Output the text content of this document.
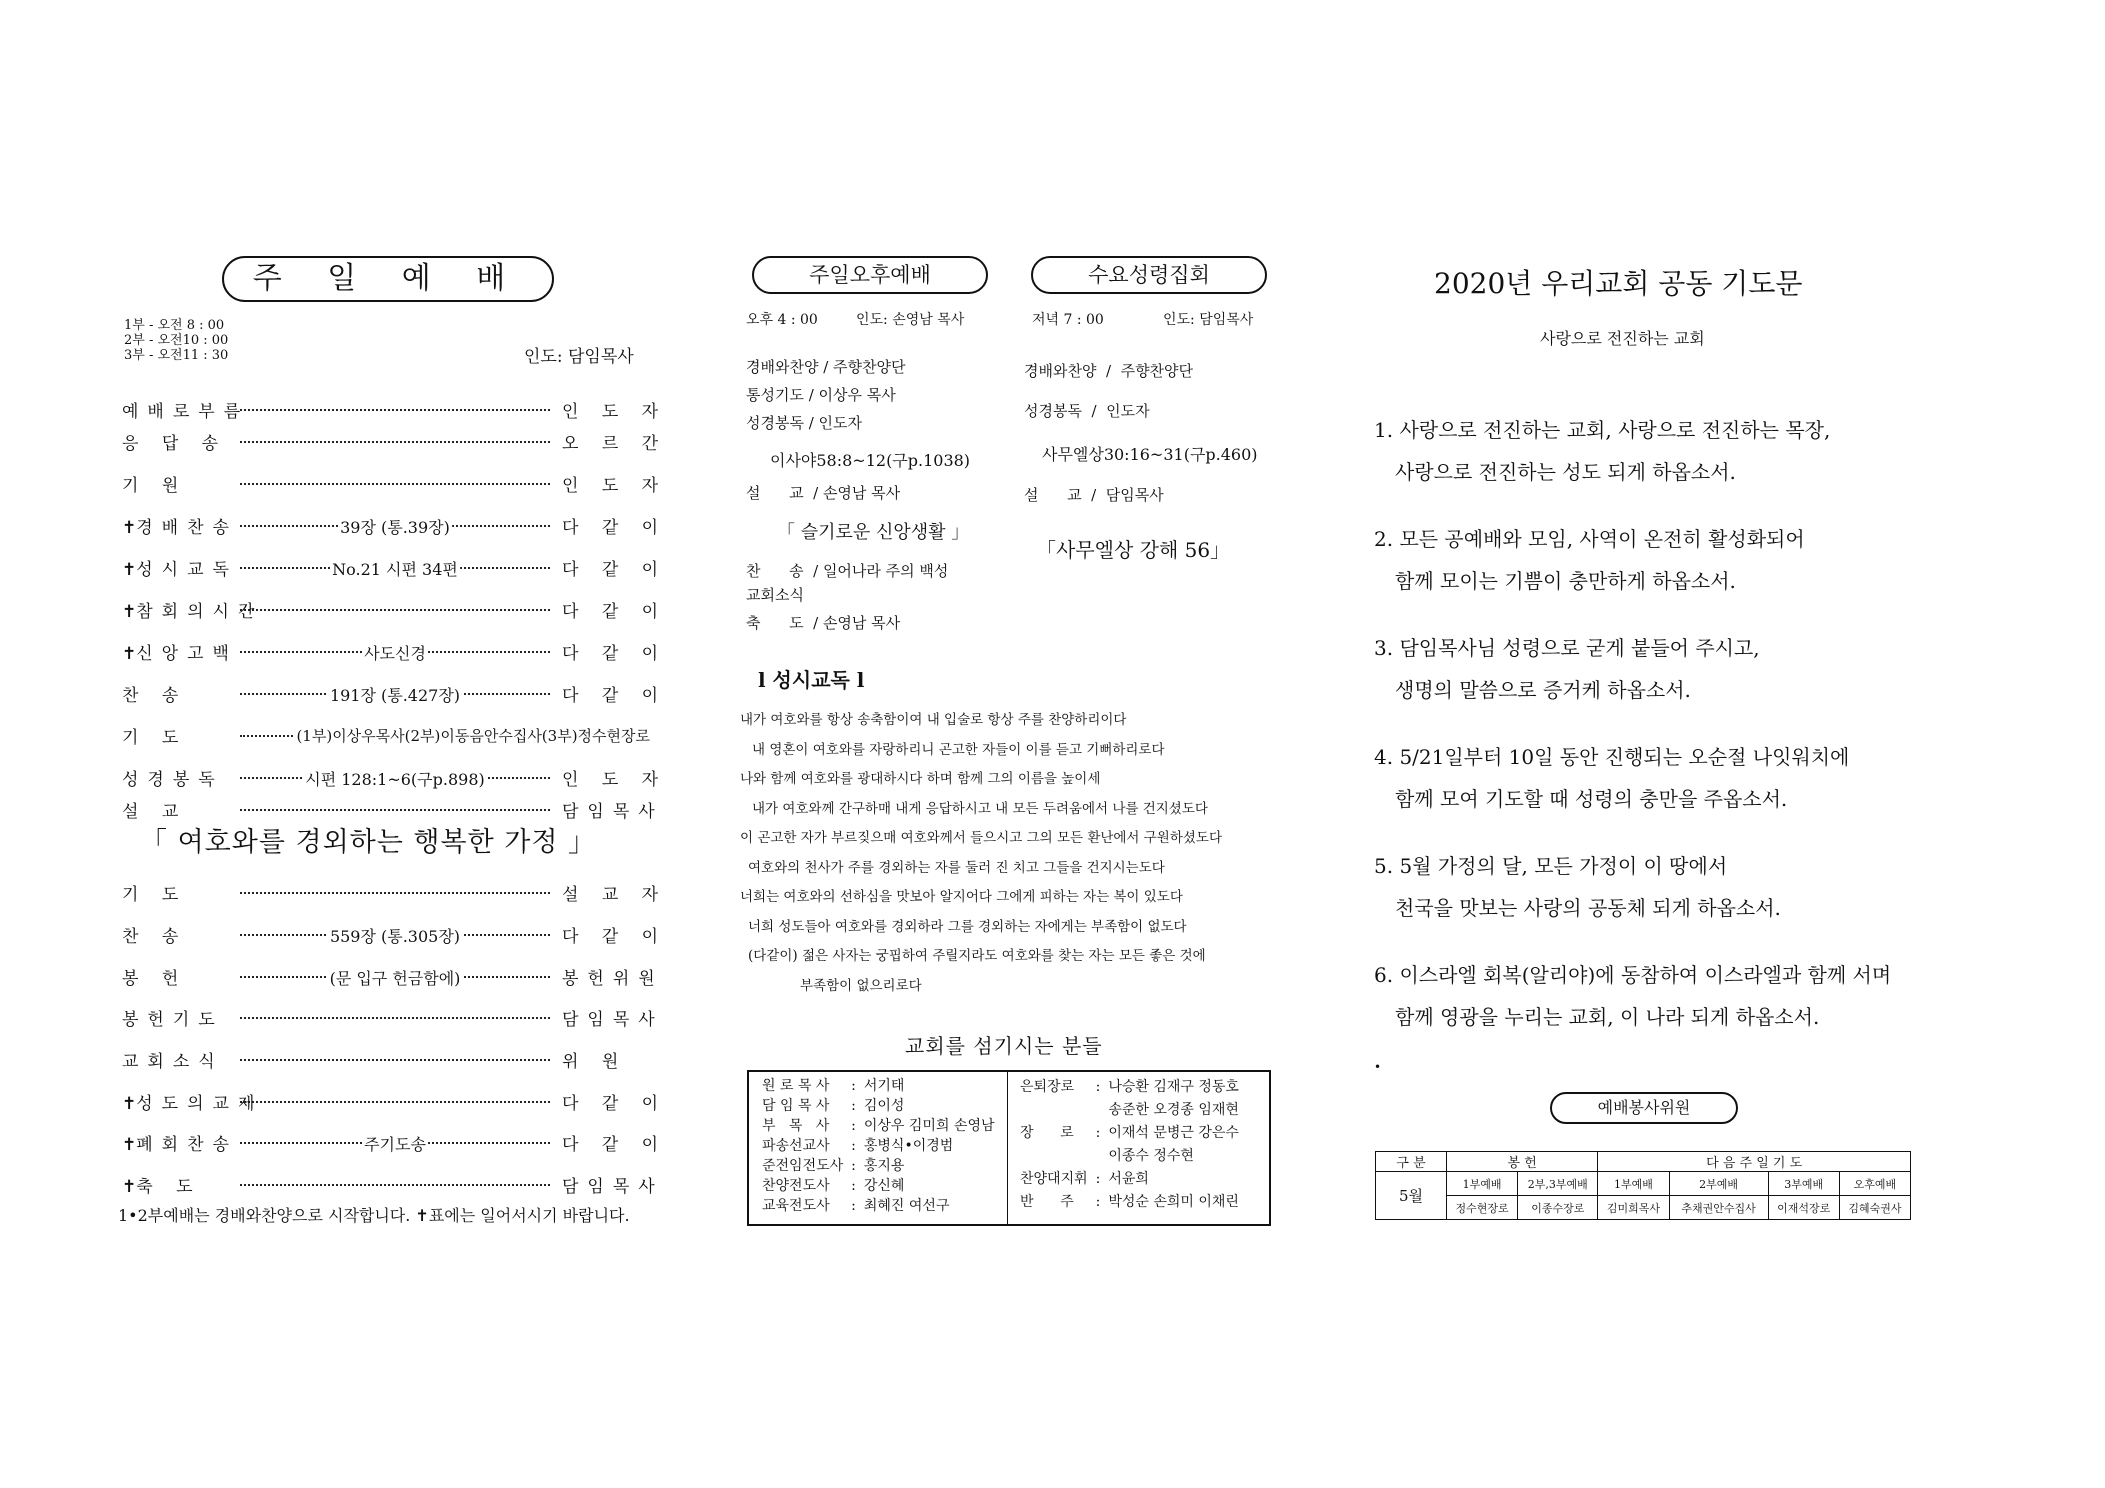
주 일 예 배
1부 - 오전 8 : 00
2부 - 오전10 : 00
3부 - 오전11 : 30	인도: 담임목사
예배로부름	인 도 자
응 답 송	오 르 간
기 원	인 도 자
✝경배찬송	39장 (통.39장)	다 같 이
✝성시교독	No.21 시편 34편	다 같 이
✝참회의시간	다 같 이
✝신앙고백	사도신경	다 같 이
찬 송	191장 (통.427장)	다 같 이
기 도	(1부)이상우목사(2부)이동음안수집사(3부)정수현장로
성경봉독	시편 128:1~6(구p.898)	인 도 자
설 교	담임목사
「 여호와를 경외하는 행복한 가정 」
기 도	설 교 자
찬 송	559장 (통.305장)	다 같 이
봉 헌	(문 입구 헌금함에)	봉헌위원
봉헌기도	담임목사
교회소식	위 원
✝성도의교제	다 같 이
✝폐회찬송	주기도송	다 같 이
✝축 도	담임목사
1•2부예배는 경배와찬양으로 시작합니다. ✝표에는 일어서시기 바랍니다.
주일오후예배	수요성령집회
오후 4 : 00	인도: 손영남 목사	저녁 7 : 00	인도: 담임목사
경배와찬양 / 주향찬양단
통성기도 / 이상우 목사
성경봉독 / 인도자
이사야58:8~12(구p.1038)
설      교  / 손영남 목사
「 슬기로운 신앙생활 」
찬      송  / 일어나라 주의 백성
교회소식
축      도  / 손영남 목사
경배와찬양  /  주향찬양단
성경봉독  /  인도자
사무엘상30:16~31(구p.460)
설      교  /  담임목사
「사무엘상 강해 56」
l 성시교독 l
내가 여호와를 항상 송축함이여 내 입술로 항상 주를 찬양하리이다
내 영혼이 여호와를 자랑하리니 곤고한 자들이 이를 듣고 기뻐하리로다
나와 함께 여호와를 광대하시다 하며 함께 그의 이름을 높이세
내가 여호와께 간구하매 내게 응답하시고 내 모든 두려움에서 나를 건지셨도다
이 곤고한 자가 부르짖으매 여호와께서 들으시고 그의 모든 환난에서 구원하셨도다
여호와의 천사가 주를 경외하는 자를 둘러 진 치고 그들을 건지시는도다
너희는 여호와의 선하심을 맛보아 알지어다 그에게 피하는 자는 복이 있도다
너희 성도들아 여호와를 경외하라 그를 경외하는 자에게는 부족함이 없도다
(다같이) 젊은 사자는 궁핍하여 주릴지라도 여호와를 찾는 자는 모든 좋은 것에
부족함이 없으리로다
교회를 섬기시는 분들
원 로 목 사	:	서기태
담 임 목 사	:	김이성
부   목   사	:	이상우 김미희 손영남
파송선교사	:	홍병식•이경범
준전임전도사	:	홍지용
찬양전도사	:	강신혜
교육전도사	:	최혜진 여선구
은퇴장로	:	나승환 김재구 정동호
		송준한 오경종 임재현
장      로	:	이재석 문병근 강은수
		이종수 정수현
찬양대지휘	:	서윤희
반      주	:	박성순 손희미 이채린
2020년 우리교회 공동 기도문
사랑으로 전진하는 교회
1. 사랑으로 전진하는 교회, 사랑으로 전진하는 목장,
사랑으로 전진하는 성도 되게 하옵소서.
2. 모든 공예배와 모임, 사역이 온전히 활성화되어
함께 모이는 기쁨이 충만하게 하옵소서.
3. 담임목사님 성령으로 굳게 붙들어 주시고,
생명의 말씀으로 증거케 하옵소서.
4. 5/21일부터 10일 동안 진행되는 오순절 나잇워치에
함께 모여 기도할 때 성령의 충만을 주옵소서.
5. 5월 가정의 달, 모든 가정이 이 땅에서
천국을 맛보는 사랑의 공동체 되게 하옵소서.
6. 이스라엘 회복(알리야)에 동참하여 이스라엘과 함께 서며
함께 영광을 누리는 교회, 이 나라 되게 하옵소서.
•
예배봉사위원
구 분	봉 헌		다 음 주 일 기 도			
5월	1부예배	2부,3부예배	1부예배	2부예배	3부예배	오후예배
	정수현장로	이종수장로	김미희목사	추채권안수집사	이재석장로	김혜숙권사
